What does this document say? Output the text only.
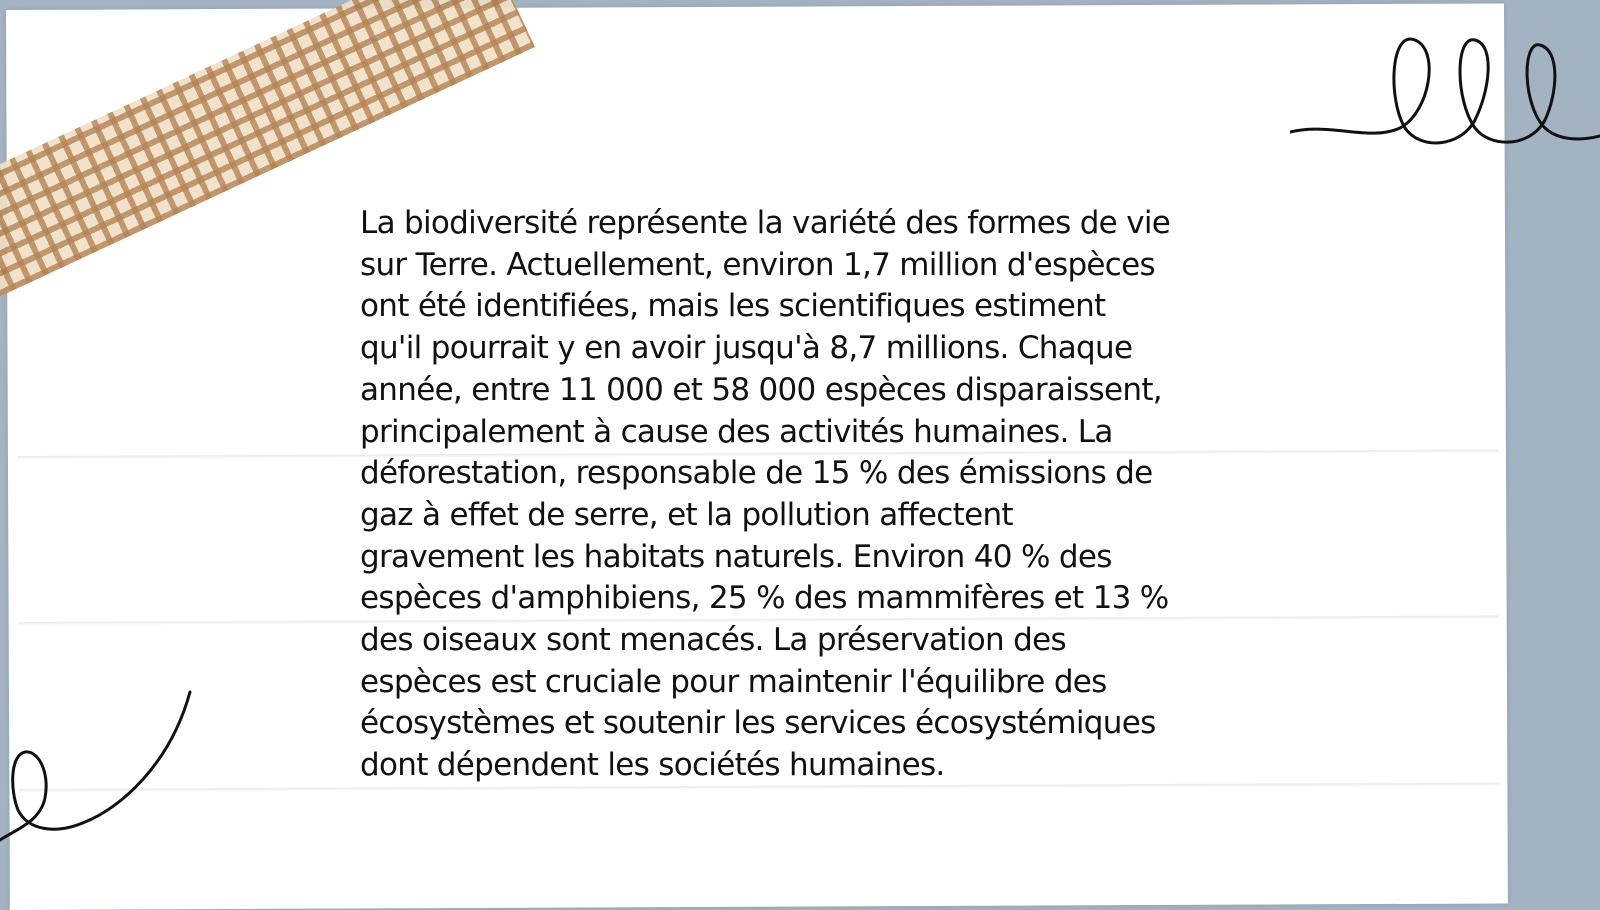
La biodiversité représente la variété des formes de vie
sur Terre. Actuellement, environ 1,7 million d'espèces
ont été identifiées, mais les scientifiques estiment
qu'il pourrait y en avoir jusqu'à 8,7 millions. Chaque
année, entre 11 000 et 58 000 espèces disparaissent,
principalement à cause des activités humaines. La
déforestation, responsable de 15 % des émissions de
gaz à effet de serre, et la pollution affectent
gravement les habitats naturels. Environ 40 % des
espèces d'amphibiens, 25 % des mammifères et 13 %
des oiseaux sont menacés. La préservation des
espèces est cruciale pour maintenir l'équilibre des
écosystèmes et soutenir les services écosystémiques
dont dépendent les sociétés humaines.
